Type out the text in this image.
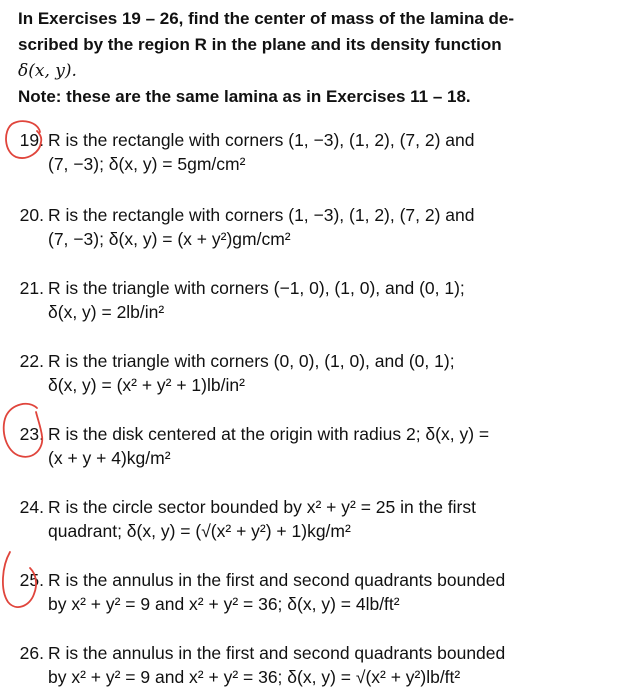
In Exercises 19 – 26, find the center of mass of the lamina de-
scribed by the region R in the plane and its density function
δ(x, y).
Note: these are the same lamina as in Exercises 11 – 18.
19. R is the rectangle with corners (1, −3), (1, 2), (7, 2) and
(7, −3); δ(x, y) = 5gm/cm²
20. R is the rectangle with corners (1, −3), (1, 2), (7, 2) and
(7, −3); δ(x, y) = (x + y²)gm/cm²
21. R is the triangle with corners (−1, 0), (1, 0), and (0, 1);
δ(x, y) = 2lb/in²
22. R is the triangle with corners (0, 0), (1, 0), and (0, 1);
δ(x, y) = (x² + y² + 1)lb/in²
23. R is the disk centered at the origin with radius 2; δ(x, y) =
(x + y + 4)kg/m²
24. R is the circle sector bounded by x² + y² = 25 in the first
quadrant; δ(x, y) = (√(x² + y²) + 1)kg/m²
25. R is the annulus in the first and second quadrants bounded
by x² + y² = 9 and x² + y² = 36; δ(x, y) = 4lb/ft²
26. R is the annulus in the first and second quadrants bounded
by x² + y² = 9 and x² + y² = 36; δ(x, y) = √(x² + y²)lb/ft²
